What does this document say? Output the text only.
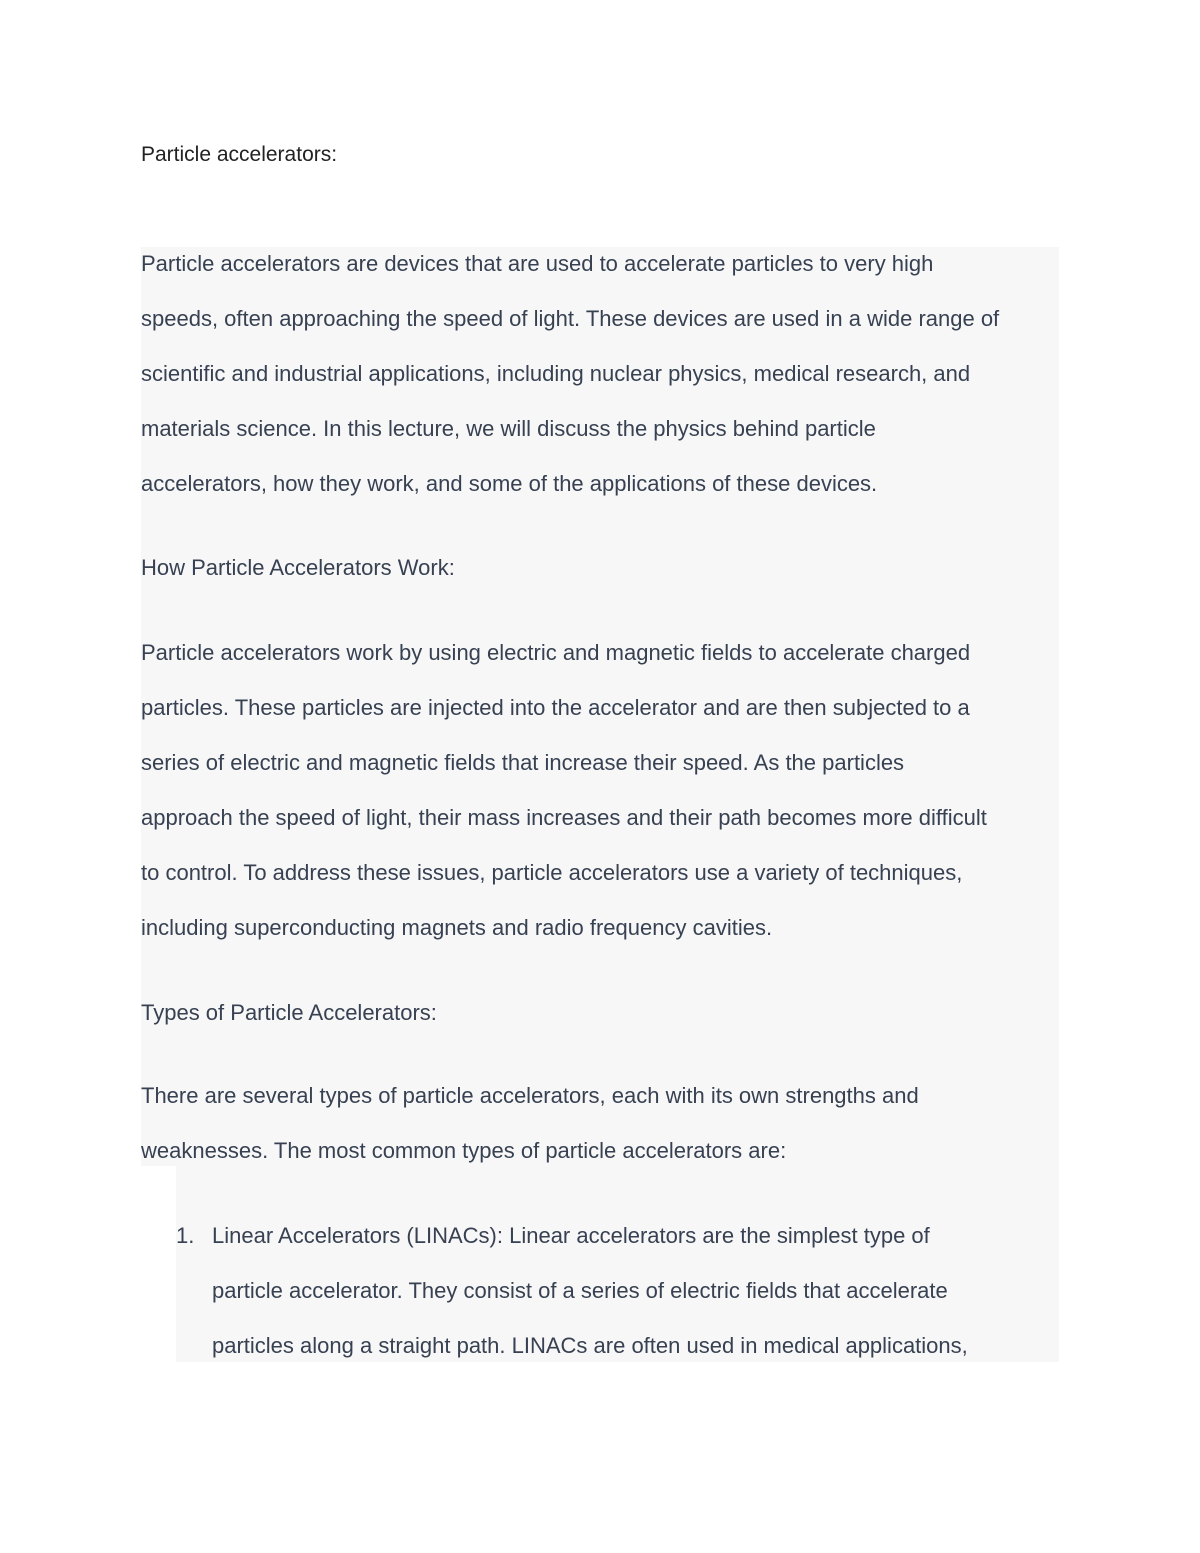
Particle accelerators:
Particle accelerators are devices that are used to accelerate particles to very high
speeds, often approaching the speed of light. These devices are used in a wide range of
scientific and industrial applications, including nuclear physics, medical research, and
materials science. In this lecture, we will discuss the physics behind particle
accelerators, how they work, and some of the applications of these devices.
How Particle Accelerators Work:
Particle accelerators work by using electric and magnetic fields to accelerate charged
particles. These particles are injected into the accelerator and are then subjected to a
series of electric and magnetic fields that increase their speed. As the particles
approach the speed of light, their mass increases and their path becomes more difficult
to control. To address these issues, particle accelerators use a variety of techniques,
including superconducting magnets and radio frequency cavities.
Types of Particle Accelerators:
There are several types of particle accelerators, each with its own strengths and
weaknesses. The most common types of particle accelerators are:
1. Linear Accelerators (LINACs): Linear accelerators are the simplest type of
particle accelerator. They consist of a series of electric fields that accelerate
particles along a straight path. LINACs are often used in medical applications,
